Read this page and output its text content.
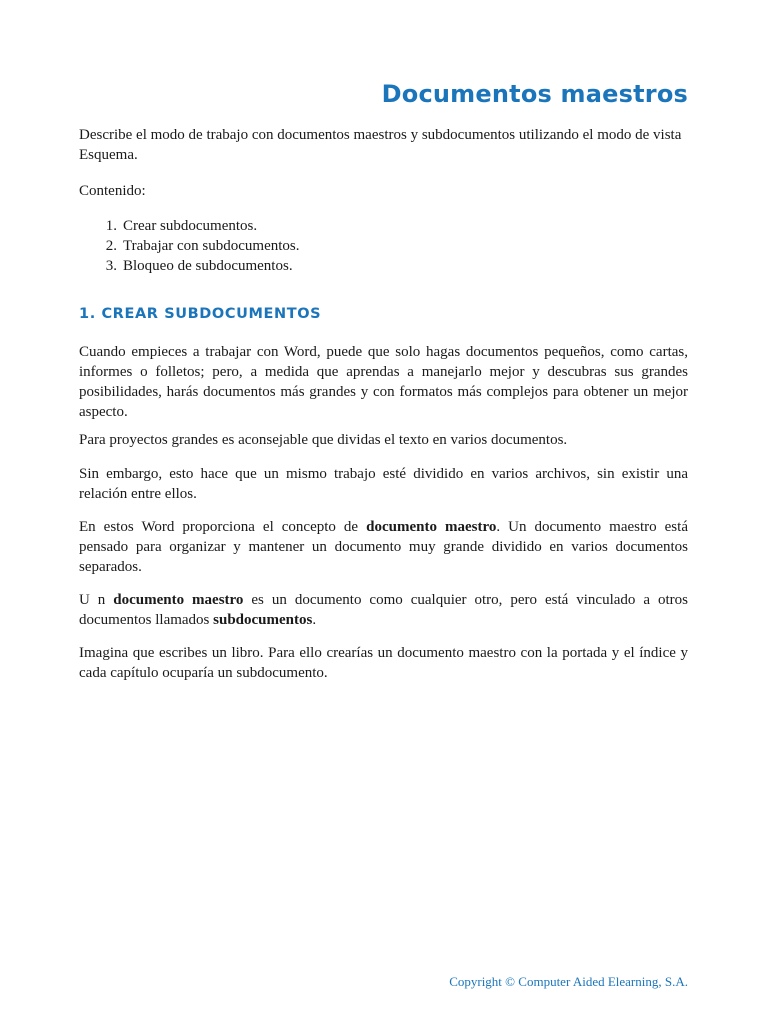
Documentos maestros

Describe el modo de trabajo con documentos maestros y subdocumentos utilizando el modo de vista Esquema.

Contenido:

1. Crear subdocumentos.
2. Trabajar con subdocumentos.
3. Bloqueo de subdocumentos.
1. CREAR SUBDOCUMENTOS

Cuando empieces a trabajar con Word, puede que solo hagas documentos pequeños, como cartas, informes o folletos; pero, a medida que aprendas a manejarlo mejor y descubras sus grandes posibilidades, harás documentos más grandes y con formatos más complejos para obtener un mejor aspecto.

Para proyectos grandes es aconsejable que dividas el texto en varios documentos.

Sin embargo, esto hace que un mismo trabajo esté dividido en varios archivos, sin existir una relación entre ellos.

En estos Word proporciona el concepto de documento maestro. Un documento maestro está pensado para organizar y mantener un documento muy grande dividido en varios documentos separados.

U n documento maestro es un documento como cualquier otro, pero está vinculado a otros documentos llamados subdocumentos.

Imagina que escribes un libro. Para ello crearías un documento maestro con la portada y el índice y cada capítulo ocuparía un subdocumento.

Copyright © Computer Aided Elearning, S.A.
